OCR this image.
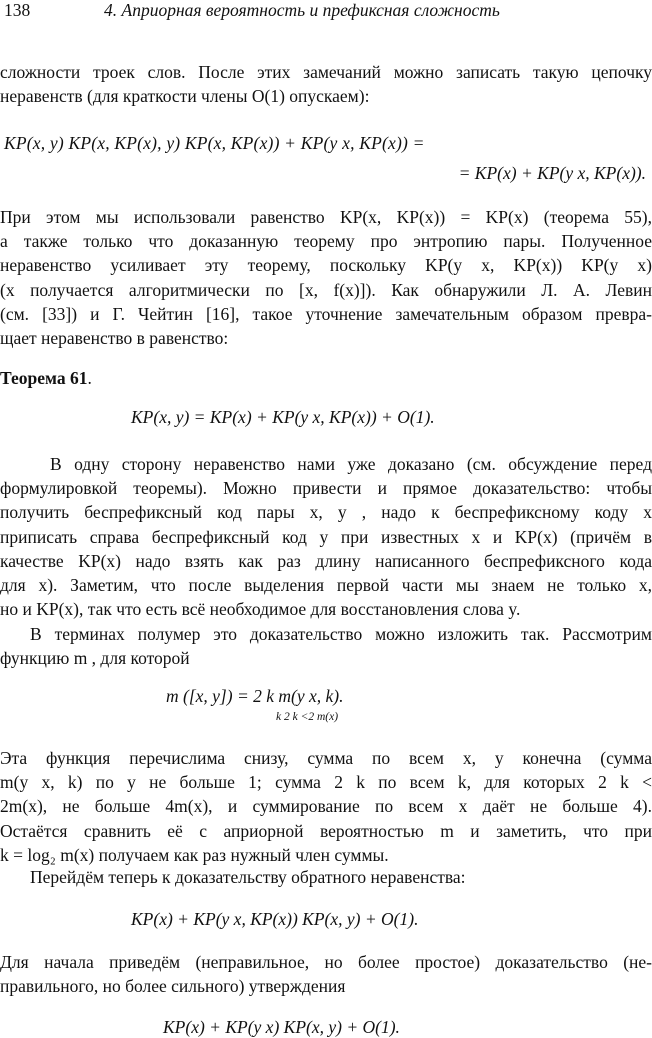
138	4. Априорная вероятность и префиксная сложность
сложности троек слов. После этих замечаний можно записать такую цепочку
неравенств (для краткости члены O(1) опускаем):
KP(x, y) KP(x, KP(x), y) KP(x, KP(x)) + KP(y x, KP(x)) =
= KP(x) + KP(y x, KP(x)).
При этом мы использовали равенство KP(x, KP(x)) = KP(x) (теорема 55),
а также только что доказанную теорему про энтропию пары. Полученное
неравенство усиливает эту теорему, поскольку KP(y x, KP(x)) KP(y x)
(x получается алгоритмически по [x, f(x)]). Как обнаружили Л. А. Левин
(см. [33]) и Г. Чейтин [16], такое уточнение замечательным образом превра-
щает неравенство в равенство:
Теорема 61.
KP(x, y) = KP(x) + KP(y x, KP(x)) + O(1).
В одну сторону неравенство нами уже доказано (см. обсуждение перед
формулировкой теоремы). Можно привести и прямое доказательство: чтобы
получить беспрефиксный код пары x, y , надо к беспрефиксному коду x
приписать справа беспрефиксный код y при известных x и KP(x) (причём в
качестве KP(x) надо взять как раз длину написанного беспрефиксного кода
для x). Заметим, что после выделения первой части мы знаем не только x,
но и KP(x), так что есть всё необходимое для восстановления слова y.
В терминах полумер это доказательство можно изложить так. Рассмотрим
функцию m , для которой
m ([x, y]) = 2 k m(y x, k).
k 2 k <2 m(x)
Эта функция перечислима снизу, сумма по всем x, y конечна (сумма
m(y x, k) по y не больше 1; сумма 2 k по всем k, для которых 2 k <
2m(x), не больше 4m(x), и суммирование по всем x даёт не больше 4).
Остаётся сравнить её с априорной вероятностью m и заметить, что при
k = log₂ m(x) получаем как раз нужный член суммы.
Перейдём теперь к доказательству обратного неравенства:
KP(x) + KP(y x, KP(x)) KP(x, y) + O(1).
Для начала приведём (неправильное, но более простое) доказательство (не-
правильного, но более сильного) утверждения
KP(x) + KP(y x) KP(x, y) + O(1).
